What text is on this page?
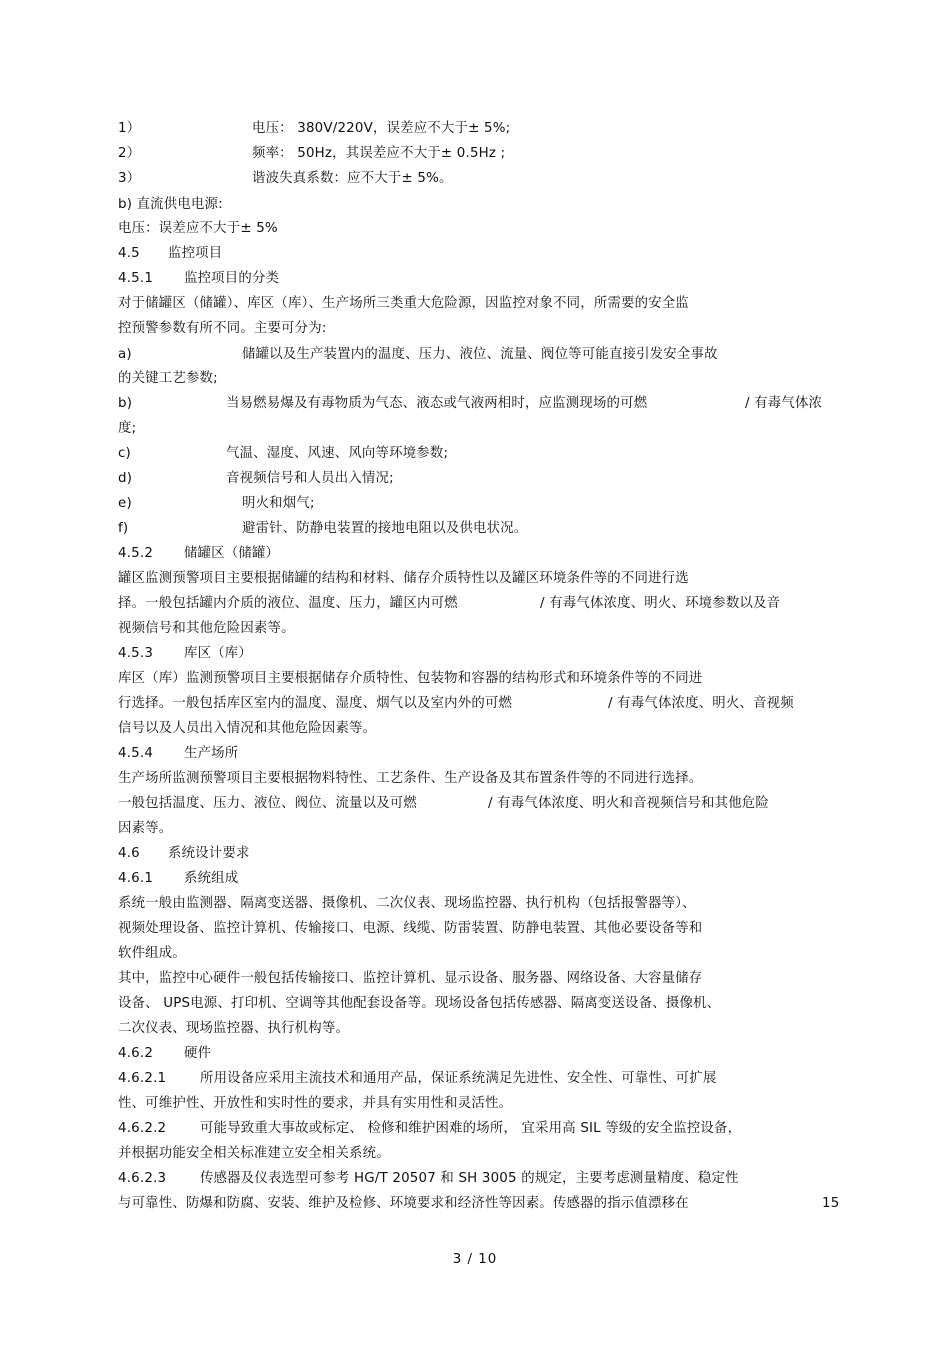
1）	电压： 380V/220V，误差应不大于± 5%;
2）	频率： 50Hz，其误差应不大于± 0.5Hz ;
3）	谐波失真系数：应不大于± 5%。
b) 直流供电电源:
电压：误差应不大于± 5%
4.5 监控项目
4.5.1 监控项目的分类
对于储罐区（储罐）、库区（库）、生产场所三类重大危险源，因监控对象不同，所需要的安全监
控预警参数有所不同。主要可分为:
a)	储罐以及生产装置内的温度、压力、液位、流量、阀位等可能直接引发安全事故
的关键工艺参数;
b)	当易燃易爆及有毒物质为气态、液态或气液两相时，应监测现场的可燃	/ 有毒气体浓
度;
c)	气温、湿度、风速、风向等环境参数;
d)	音视频信号和人员出入情况;
e)	明火和烟气;
f)	避雷针、防静电装置的接地电阻以及供电状况。
4.5.2 储罐区（储罐）
罐区监测预警项目主要根据储罐的结构和材料、储存介质特性以及罐区环境条件等的不同进行选
择。一般包括罐内介质的液位、温度、压力，罐区内可燃	/ 有毒气体浓度、明火、环境参数以及音
视频信号和其他危险因素等。
4.5.3 库区（库）
库区（库）监测预警项目主要根据储存介质特性、包装物和容器的结构形式和环境条件等的不同进
行选择。一般包括库区室内的温度、湿度、烟气以及室内外的可燃	/ 有毒气体浓度、明火、音视频
信号以及人员出入情况和其他危险因素等。
4.5.4 生产场所
生产场所监测预警项目主要根据物料特性、工艺条件、生产设备及其布置条件等的不同进行选择。
一般包括温度、压力、液位、阀位、流量以及可燃	/ 有毒气体浓度、明火和音视频信号和其他危险
因素等。
4.6 系统设计要求
4.6.1 系统组成
系统一般由监测器、隔离变送器、摄像机、二次仪表、现场监控器、执行机构（包括报警器等）、
视频处理设备、监控计算机、传输接口、电源、线缆、防雷装置、防静电装置、其他必要设备等和
软件组成。
其中，监控中心硬件一般包括传输接口、监控计算机、显示设备、服务器、网络设备、大容量储存
设备、 UPS电源、打印机、空调等其他配套设备等。现场设备包括传感器、隔离变送设备、摄像机、
二次仪表、现场监控器、执行机构等。
4.6.2 硬件
4.6.2.1	所用设备应采用主流技术和通用产品，保证系统满足先进性、安全性、可靠性、可扩展
性、可维护性、开放性和实时性的要求，并具有实用性和灵活性。
4.6.2.2	可能导致重大事故或标定、 检修和维护困难的场所， 宜采用高 SIL 等级的安全监控设备，
并根据功能安全相关标准建立安全相关系统。
4.6.2.3	传感器及仪表选型可参考 HG/T 20507 和 SH 3005 的规定，主要考虑测量精度、稳定性
与可靠性、防爆和防腐、安装、维护及检修、环境要求和经济性等因素。传感器的指示值漂移在	15
3 / 10
